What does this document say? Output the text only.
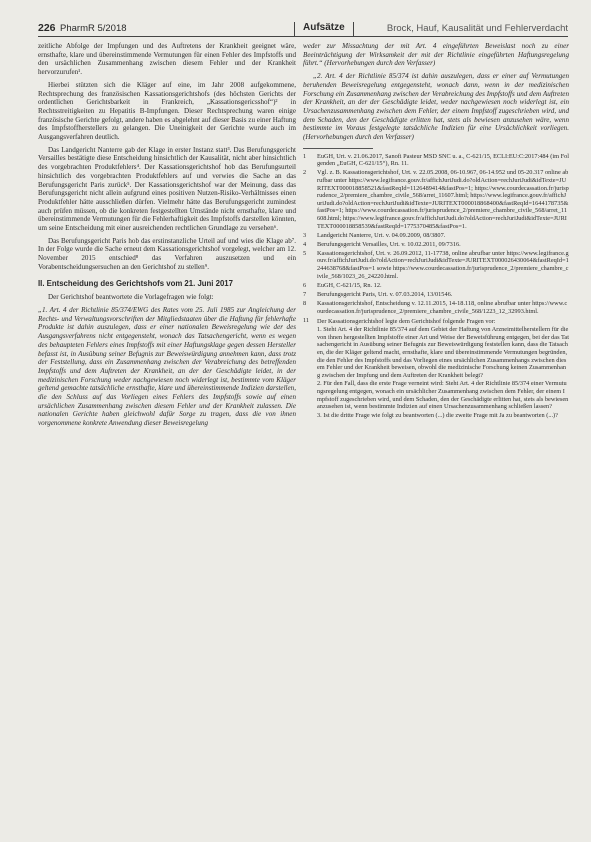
226 PharmR 5/2018	Aufsätze	Brock, Hauf, Kausalität und Fehlerverdacht

zeitliche Abfolge der Impfungen und des Auftretens der Krankheit geeignet wäre, ernsthafte, klare und übereinstimmende Vermutungen für einen Fehler des Impfstoffs und den ursächlichen Zusammenhang zwischen diesem Fehler und der Krankheit hervorzurufen¹.

Hierbei stützten sich die Kläger auf eine, im Jahr 2008 aufgekommene, Rechtsprechung des französischen Kassationsgerichtshofs (des höchsten Gerichts der ordentlichen Gerichtsbarkeit in Frankreich, „Kassationsgericsshof“)² in Rechtsstreitigkeiten zu Hepatitis B-Impfungen. Dieser Rechtsprechung waren einige französische Gerichte gefolgt, andere haben es abgelehnt auf dieser Basis zu einer Haftung des Impfstoffherstellers zu gelangen. Die Uneinigkeit der Gerichte wurde auch im Ausgangsverfahren deutlich.

Das Landgericht Nanterre gab der Klage in erster Instanz statt³. Das Berufungsgericht Versailles bestätigte diese Entscheidung hinsichtlich der Kausalität, nicht aber hinsichtlich des vorgebrachten Produktfehlers⁴. Der Kassationsgerichtshof hob das Berufungsurteil hinsichtlich des vorgebrachten Produktfehlers auf und verwies die Sache an das Berufungsgericht Paris zurück⁵. Der Kassationsgerichtshof war der Meinung, dass das Berufungsgericht nicht allein aufgrund eines positiven Nutzen-Risiko-Verhältnisses einen Produktfehler hätte ausschließen dürfen. Vielmehr hätte das Berufungsgericht zumindest auch prüfen müssen, ob die konkreten festgestellten Umstände nicht ernsthafte, klare und übereinstimmende Vermutungen für die Fehlerhaftigkeit des Impfstoffs darstellen könnten, um seine Entscheidung mit einer ausreichenden rechtlichen Grundlage zu versehen⁶.

Das Berufungsgericht Paris hob das erstinstanzliche Urteil auf und wies die Klage ab⁷. In der Folge wurde die Sache erneut dem Kassationsgerichtshof vorgelegt, welcher am 12. November 2015 entschied⁸ das Verfahren auszusetzen und ein Vorabentscheidungsersuchen an den Gerichtshof zu stellen⁹.

II. Entscheidung des Gerichtshofs vom 21. Juni 2017

Der Gerichtshof beantwortete die Vorlagefragen wie folgt:

„1. Art. 4 der Richtlinie 85/374/EWG des Rates vom 25. Juli 1985 zur Angleichung der Rechts- und Verwaltungsvorschriften der Mitgliedstaaten über die Haftung für fehlerhafte Produkte ist dahin auszulegen, dass er einer nationalen Beweisregelung wie der des Ausgangsverfahrens nicht entgegensteht, wonach das Tatsachengericht, wenn es wegen des behaupteten Fehlers eines Impfstoffs mit einer Haftungsklage gegen dessen Hersteller befasst ist, in Ausübung seiner Befugnis zur Beweiswürdigung annehmen kann, dass trotz der Feststellung, dass ein Zusammenhang zwischen der Verabreichung des betreffenden Impfstoffs und dem Auftreten der Krankheit, an der der Geschädigte leidet, in der medizinischen Forschung weder nachgewiesen noch widerlegt ist, bestimmte vom Kläger geltend gemachte tatsächliche ernsthafte, klare und übereinstimmende Indizien darstellen, die den Schluss auf das Vorliegen eines Fehlers des Impfstoffs sowie auf einen ursächlichen Zusammenhang zwischen diesem Fehler und der Krankheit zulassen. Die nationalen Gerichte haben gleichwohl dafür Sorge zu tragen, dass die von ihnen vorgenommene konkrete Anwendung dieser Beweisregelung

weder zur Missachtung der mit Art. 4 eingeführten Beweislast noch zu einer Beeinträchtigung der Wirksamkeit der mit der Richtlinie eingeführten Haftungsregelung führt.“ (Hervorhebungen durch den Verfasser)

„2. Art. 4 der Richtlinie 85/374 ist dahin auszulegen, dass er einer auf Vermutungen beruhenden Beweisregelung entgegensteht, wonach dann, wenn in der medizinischen Forschung ein Zusammenhang zwischen der Verabreichung des Impfstoffs und dem Auftreten der Krankheit, an der der Geschädigte leidet, weder nachgewiesen noch widerlegt ist, ein Ursachenzusammenhang zwischen dem Fehler, der einem Impfstoff zugeschrieben wird, und dem Schaden, den der Geschädigte erlitten hat, stets als bewiesen anzusehen wäre, wenn bestimmte im Voraus festgelegte tatsächliche Indizien für eine Ursächlichkeit vorliegen. (Hervorhebungen durch den Verfasser)

1	EuGH, Urt. v. 21.06.2017, Sanofi Pasteur MSD SNC u. a., C-621/15, ECLI:EU:C:2017:484 (im Folgenden „EuGH, C-621/15“), Rn. 11.
2	Vgl. z. B. Kassationsgerichtshof, Urt. v. 22.05.2008, 06-10.967, 06-14.952 und 05-20.317 online abrufbar unter https://www.legifrance.gouv.fr/affichJuriJudi.do?oldAction=rechJuriJudi&idTexte=JURITEXT000018858521&fastReqId=1126489414&fastPos=1; https://www.courdecassation.fr/jurisprudence_2/premiere_chambre_civile_568/arret_11607.html; https://www.legifrance.gouv.fr/affichJuriJudi.do?oldAction=rechJuriJudi&idTexte=JURITEXT000018868400&fastReqId=1644178735&fastPos=1; https://www.courdecassation.fr/jurisprudence_2/premiere_chambre_civile_568/arret_11608.html; https://www.legifrance.gouv.fr/affichJuriJudi.do?oldAction=rechJuriJudi&idTexte=JURITEXT000018858539&fastReqId=1775370485&fastPos=1.
3	Landgericht Nanterre, Urt. v. 04.09.2009, 08/3807.
4	Berufungsgericht Versailles, Urt. v. 10.02.2011, 09/7316.
5	Kassationsgerichtshof, Urt. v. 26.09.2012, 11-17738, online abrufbar unter https://www.legifrance.gouv.fr/affichJuriJudi.do?oldAction=rechJuriJudi&idTexte=JURITEXT000026430064&fastReqId=1244638768&fastPos=1 sowie https://www.courdecassation.fr/jurisprudence_2/premiere_chambre_civile_568/1023_26_24220.html.
6	EuGH, C-621/15, Rn. 12.
7	Berufungsgericht Paris, Urt. v. 07.03.2014, 13/01546.
8	Kassationsgerichtshof, Entscheidung v. 12.11.2015, 14-18.118, online abrufbar unter https://www.courdecassation.fr/jurisprudence_2/premiere_chambre_civile_568/1223_12_32993.html.
11	Der Kassationsgerichtshof legte dem Gerichtshof folgende Fragen vor:
1. Steht Art. 4 der Richtlinie 85/374 auf dem Gebiet der Haftung von Arzneimittelherstellern für die von ihnen hergestellten Impfstoffe einer Art und Weise der Beweisführung entgegen, bei der das Tatsachengericht in Ausübung seiner Befugnis zur Beweiswürdigung feststellen kann, dass die Tatsachen, die der Kläger geltend macht, ernsthafte, klare und übereinstimmende Vermutungen begründen, die den Fehler des Impfstoffs und das Vorliegen eines ursächlichen Zusammenhangs zwischen diesem Fehler und der Krankheit beweisen, obwohl die medizinische Forschung keinen Zusammenhang zwischen der Impfung und dem Auftreten der Krankheit belegt?
2. Für den Fall, dass die erste Frage verneint wird: Steht Art. 4 der Richtlinie 85/374 einer Vermutungsregelung entgegen, wonach ein ursächlicher Zusammenhang zwischen dem Fehler, der einem Impfstoff zugeschrieben wird, und dem Schaden, den der Geschädigte erlitten hat, stets als bewiesen anzusehen ist, wenn bestimmte Indizien auf einen Ursachenzusammenhang schließen lassen?
3. Ist die dritte Frage wie folgt zu beantworten (...) die zweite Frage mit Ja zu beantworten (...)?
